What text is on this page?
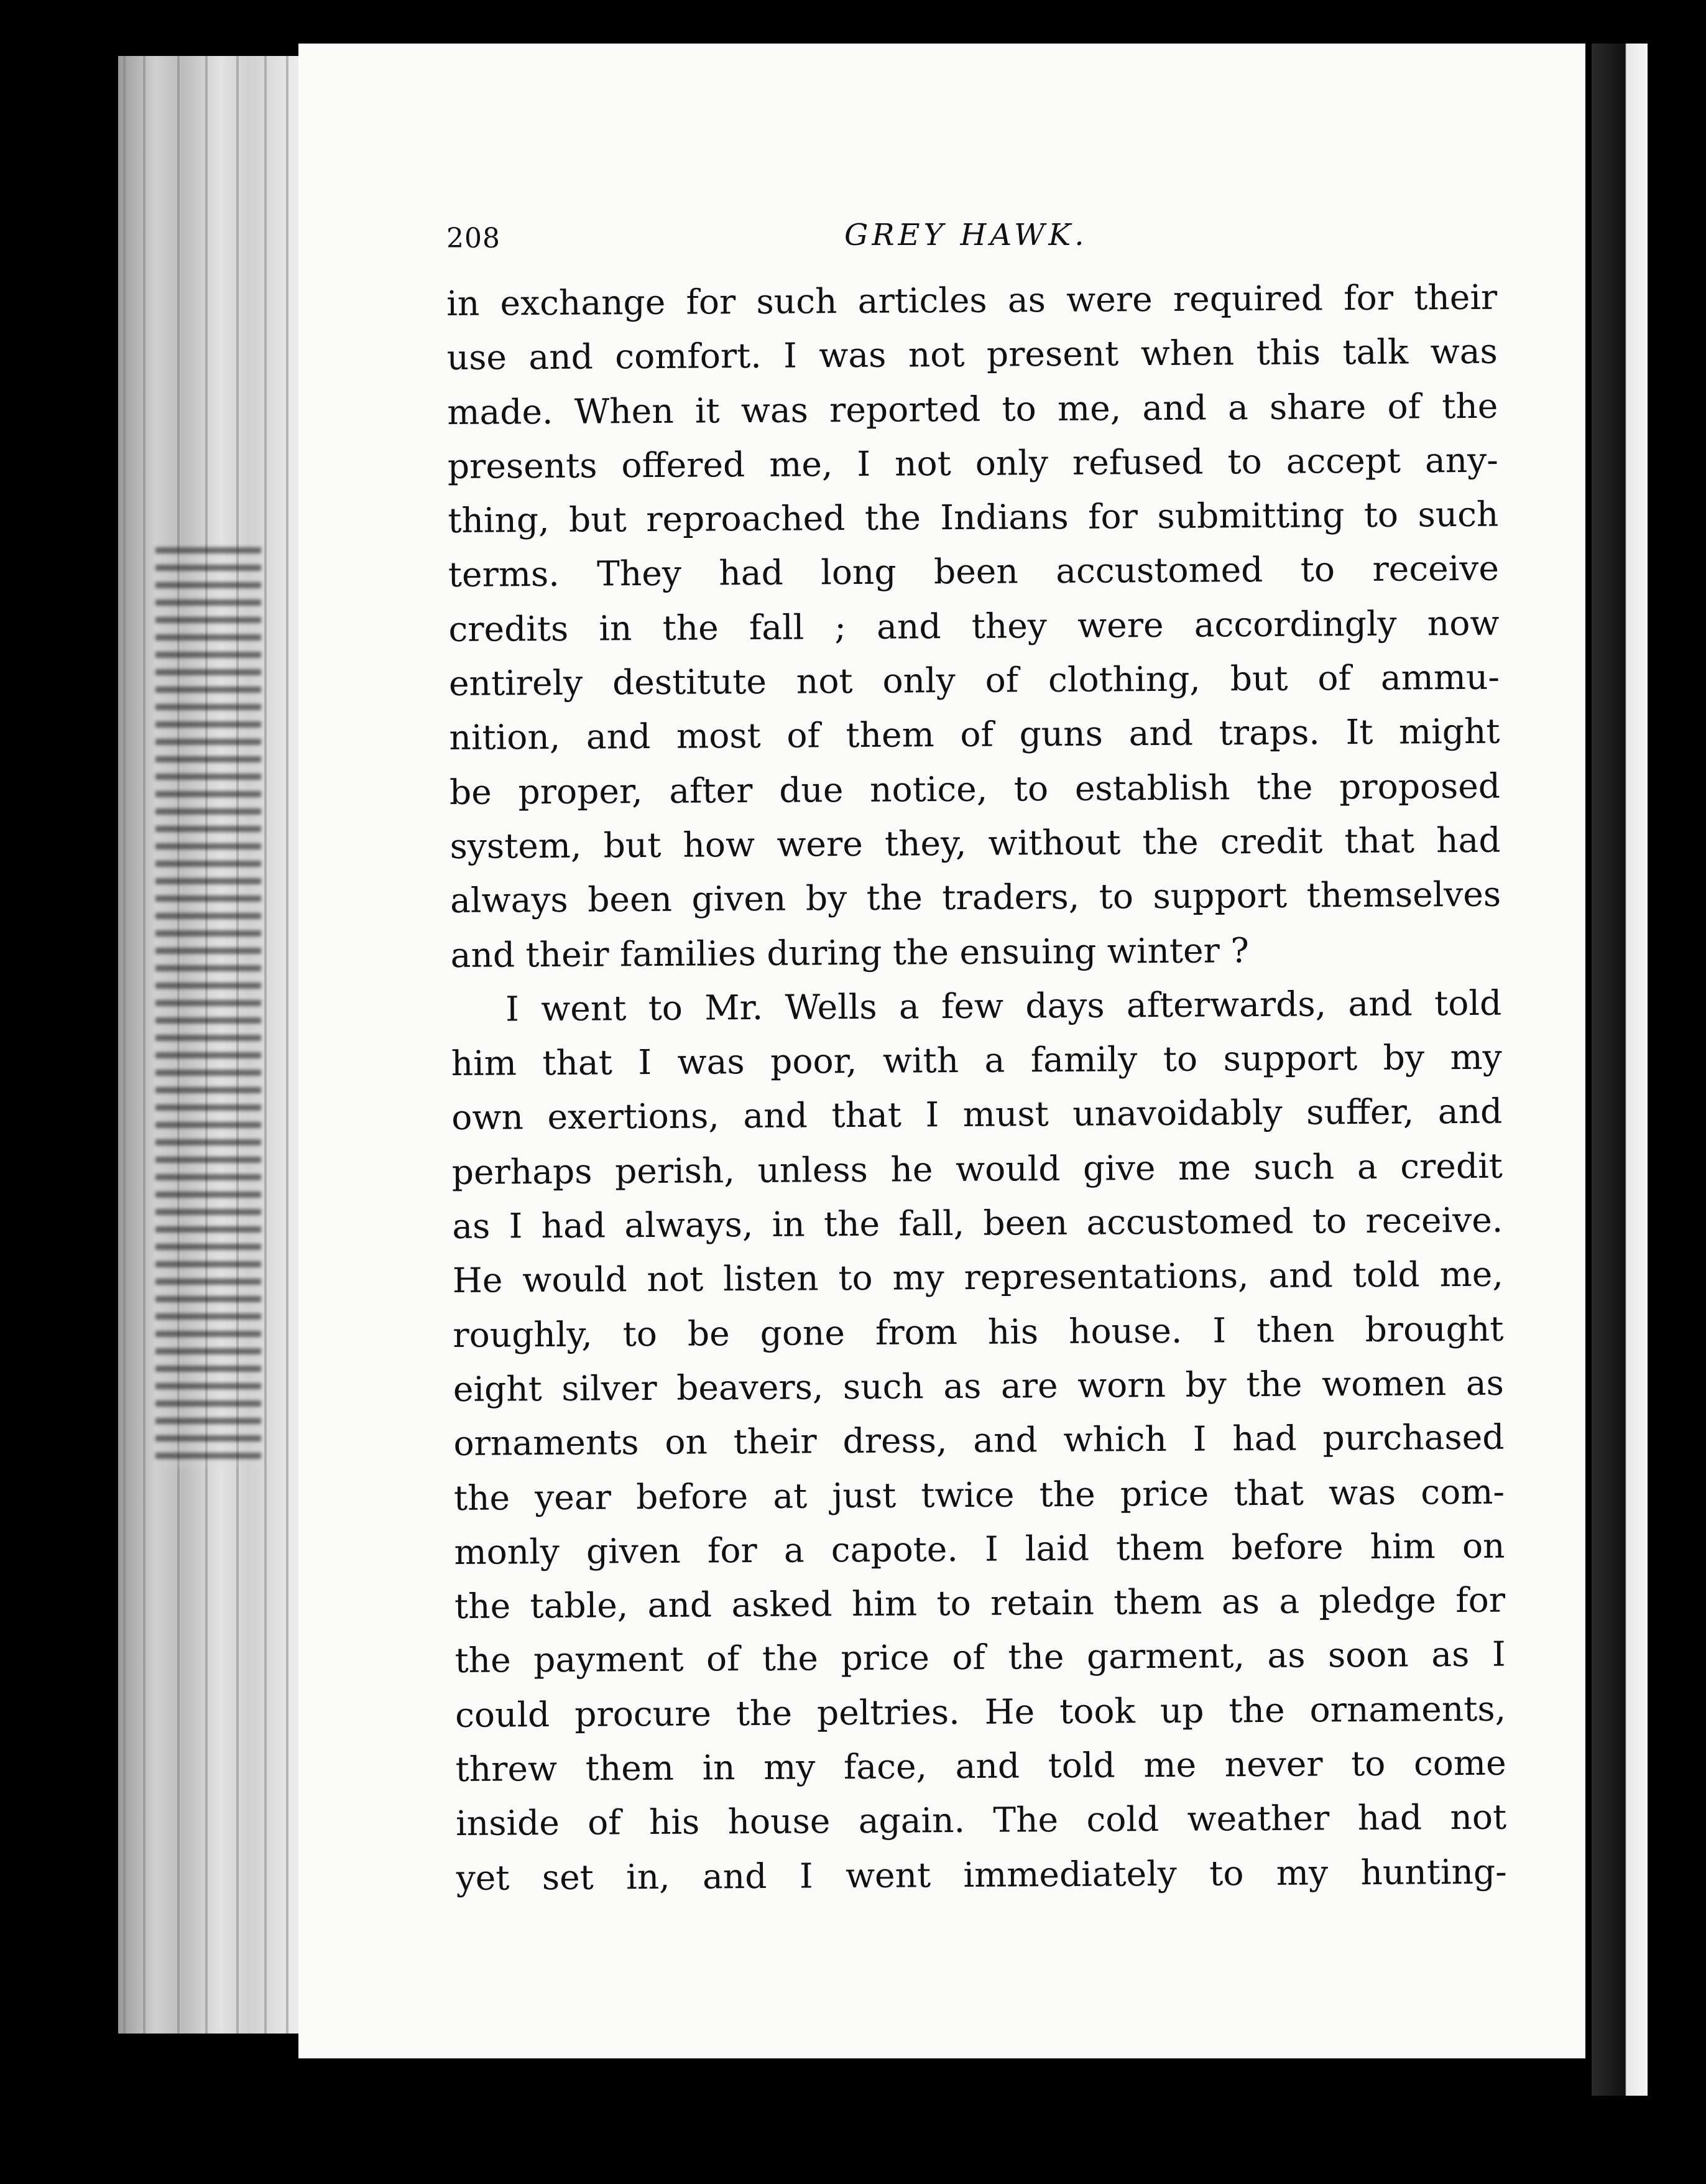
208	GREY HAWK.
in exchange for such articles as were required for their
use and comfort. I was not present when this talk was
made. When it was reported to me, and a share of the
presents offered me, I not only refused to accept any-
thing, but reproached the Indians for submitting to such
terms. They had long been accustomed to receive
credits in the fall ; and they were accordingly now
entirely destitute not only of clothing, but of ammu-
nition, and most of them of guns and traps. It might
be proper, after due notice, to establish the proposed
system, but how were they, without the credit that had
always been given by the traders, to support themselves
and their families during the ensuing winter ?
I went to Mr. Wells a few days afterwards, and told
him that I was poor, with a family to support by my
own exertions, and that I must unavoidably suffer, and
perhaps perish, unless he would give me such a credit
as I had always, in the fall, been accustomed to receive.
He would not listen to my representations, and told me,
roughly, to be gone from his house. I then brought
eight silver beavers, such as are worn by the women as
ornaments on their dress, and which I had purchased
the year before at just twice the price that was com-
monly given for a capote. I laid them before him on
the table, and asked him to retain them as a pledge for
the payment of the price of the garment, as soon as I
could procure the peltries. He took up the ornaments,
threw them in my face, and told me never to come
inside of his house again. The cold weather had not
yet set in, and I went immediately to my hunting-
